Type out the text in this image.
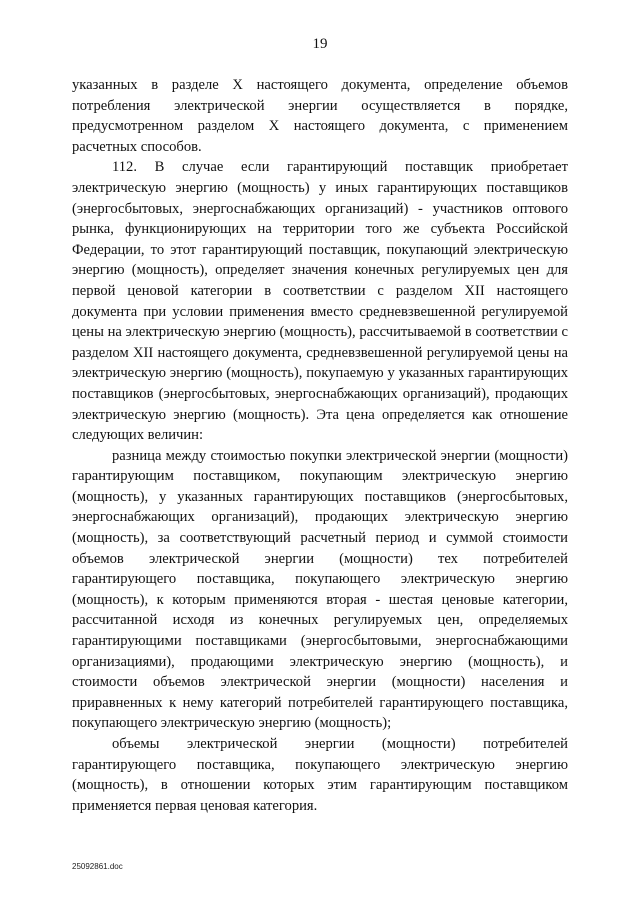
19

указанных в разделе X настоящего документа, определение объемов потребления электрической энергии осуществляется в порядке, предусмотренном разделом X настоящего документа, с применением расчетных способов.

112. В случае если гарантирующий поставщик приобретает электрическую энергию (мощность) у иных гарантирующих поставщиков (энергосбытовых, энергоснабжающих организаций) - участников оптового рынка, функционирующих на территории того же субъекта Российской Федерации, то этот гарантирующий поставщик, покупающий электрическую энергию (мощность), определяет значения конечных регулируемых цен для первой ценовой категории в соответствии с разделом XII настоящего документа при условии применения вместо средневзвешенной регулируемой цены на электрическую энергию (мощность), рассчитываемой в соответствии с разделом XII настоящего документа, средневзвешенной регулируемой цены на электрическую энергию (мощность), покупаемую у указанных гарантирующих поставщиков (энергосбытовых, энергоснабжающих организаций), продающих электрическую энергию (мощность). Эта цена определяется как отношение следующих величин:

разница между стоимостью покупки электрической энергии (мощности) гарантирующим поставщиком, покупающим электрическую энергию (мощность), у указанных гарантирующих поставщиков (энергосбытовых, энергоснабжающих организаций), продающих электрическую энергию (мощность), за соответствующий расчетный период и суммой стоимости объемов электрической энергии (мощности) тех потребителей гарантирующего поставщика, покупающего электрическую энергию (мощность), к которым применяются вторая - шестая ценовые категории, рассчитанной исходя из конечных регулируемых цен, определяемых гарантирующими поставщиками (энергосбытовыми, энергоснабжающими организациями), продающими электрическую энергию (мощность), и стоимости объемов электрической энергии (мощности) населения и приравненных к нему категорий потребителей гарантирующего поставщика, покупающего электрическую энергию (мощность);

объемы электрической энергии (мощности) потребителей гарантирующего поставщика, покупающего электрическую энергию (мощность), в отношении которых этим гарантирующим поставщиком применяется первая ценовая категория.

25092861.doc
